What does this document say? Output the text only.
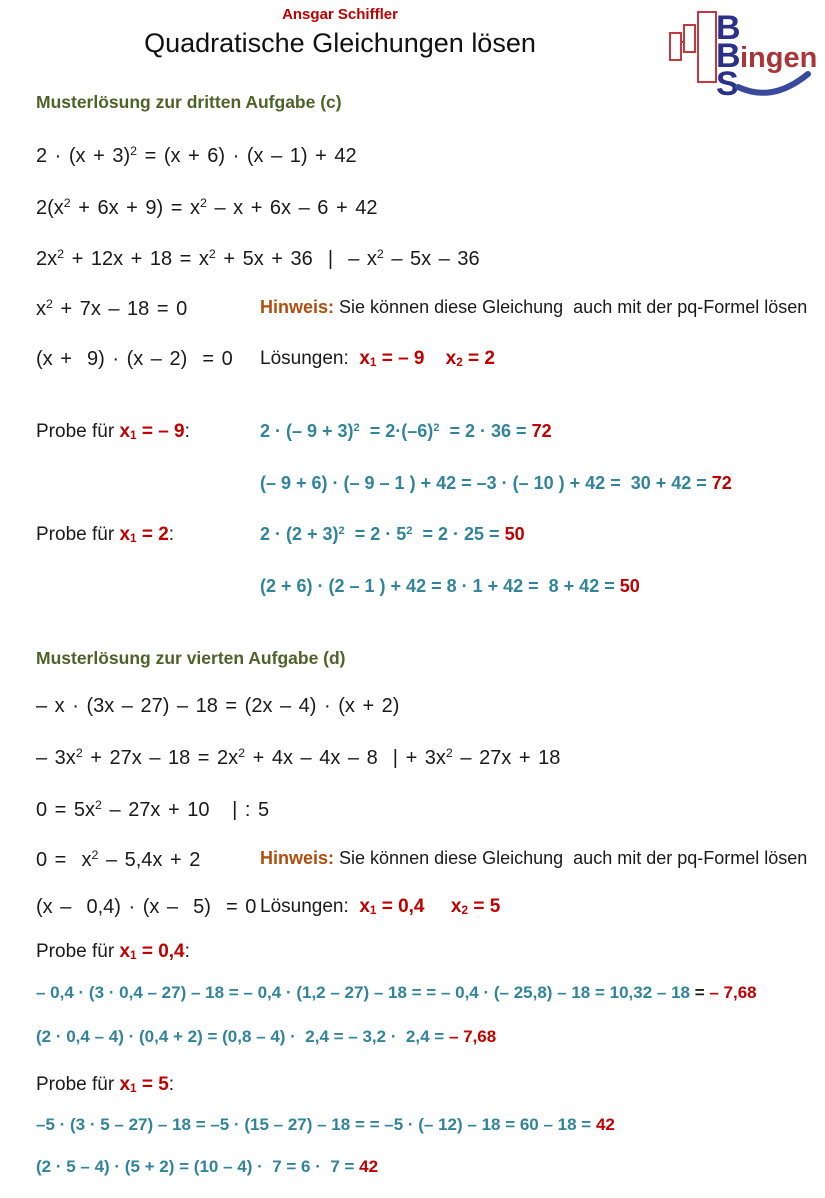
Ansgar Schiffler
Quadratische Gleichungen lösen	B
B ingen
S
Musterlösung zur dritten Aufgabe (c)
$2 \cdot (x + 3)^2 = (x + 6) \cdot (x - 1) + 42$
$2(x^2 + 6x + 9) = x^2 - x + 6x - 6 + 42$
$2x^2 + 12x + 18 = x^2 + 5x + 36$  |  – $x^2 - 5x - 36$
$x^2 + 7x - 18 = 0$	Hinweis: Sie können diese Gleichung  auch mit der pq-Formel lösen
(x +  9) · (x – 2)  = 0 Lösungen:  x1 = – 9    x2 = 2
Probe für x1 = – 9:	2 · (– $9 + 3)^2 = 2\cdot(-6)^2 = 2 \cdot 36 = 72$
(– 9 + 6) · (– 9 – 1 ) + 42 = –3 · (– 10 ) + 42 =  30 + 42 = 72
Probe für x1 = 2:	$2 \cdot (2 + 3)^2 = 2 \cdot 5^2 = 2 \cdot 25 = 50$
(2 + 6) · (2 – 1 ) + 42 = 8 · 1 + 42 =  8 + 42 = 50
Musterlösung zur vierten Aufgabe (d)
– x · (3x – 27) – 18 = (2x – 4) · (x + 2)
– $3x^2 + 27x - 18 = 2x^2 + 4x - 4x - 8$  | + $3x^2 - 27x + 18$
$0 = 5x^2 - 27x + 10$   | : 5
$0 = x^2 - 5,4x + 2$	Hinweis: Sie können diese Gleichung  auch mit der pq-Formel lösen
(x –  0,4) · (x –  5)  = 0 Lösungen:  x1 = 0,4 x2 = 5
Probe für x1 = 0,4:
– 0,4 · (3 · 0,4 – 27) – 18 = – 0,4 · (1,2 – 27) – 18 = = – 0,4 · (– 25,8) – 18 = 10,32 – 18 = – 7,68
(2 · 0,4 – 4) · (0,4 + 2) = (0,8 – 4) ·  2,4 = – 3,2 ·  2,4 = – 7,68
Probe für x1 = 5:
–5 · (3 · 5 – 27) – 18 = –5 · (15 – 27) – 18 = = –5 · (– 12) – 18 = 60 – 18 = 42
(2 · 5 – 4) · (5 + 2) = (10 – 4) ·  7 = 6 ·  7 = 42
